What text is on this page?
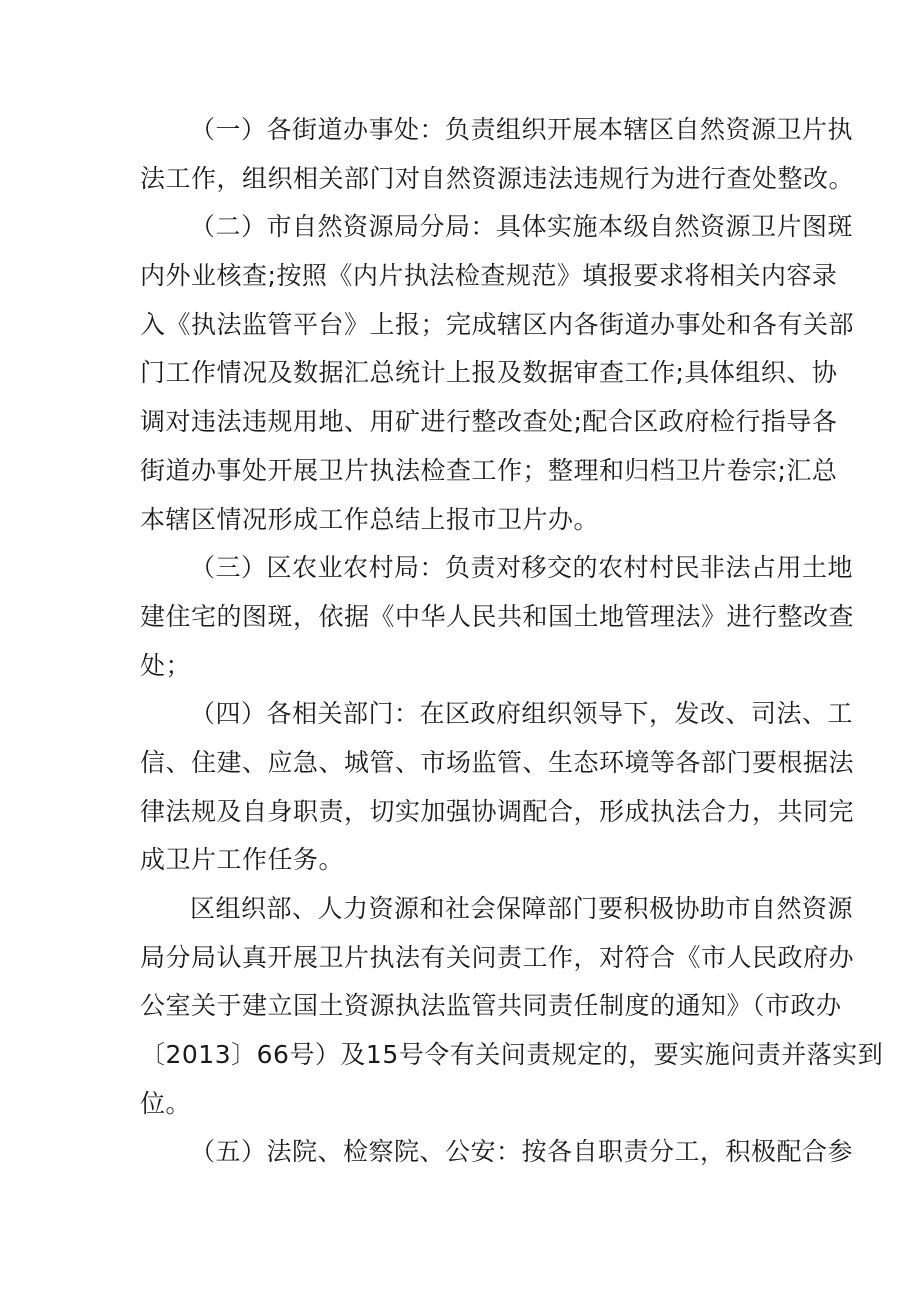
（一）各街道办事处：负责组织开展本辖区自然资源卫片执
法工作，组织相关部门对自然资源违法违规行为进行查处整改。
（二）市自然资源局分局：具体实施本级自然资源卫片图斑
内外业核查;按照《内片执法检查规范》填报要求将相关内容录
入《执法监管平台》上报；完成辖区内各街道办事处和各有关部
门工作情况及数据汇总统计上报及数据审查工作;具体组织、协
调对违法违规用地、用矿进行整改查处;配合区政府检行指导各
街道办事处开展卫片执法检查工作；整理和归档卫片卷宗;汇总
本辖区情况形成工作总结上报市卫片办。
（三）区农业农村局：负责对移交的农村村民非法占用土地
建住宅的图斑，依据《中华人民共和国土地管理法》进行整改查
处；
（四）各相关部门：在区政府组织领导下，发改、司法、工
信、住建、应急、城管、市场监管、生态环境等各部门要根据法
律法规及自身职责，切实加强协调配合，形成执法合力，共同完
成卫片工作任务。
区组织部、人力资源和社会保障部门要积极协助市自然资源
局分局认真开展卫片执法有关问责工作，对符合《市人民政府办
公室关于建立国土资源执法监管共同责任制度的通知》（市政办
〔2013〕66号）及15号令有关问责规定的，要实施问责并落实到
位。
（五）法院、检察院、公安：按各自职责分工，积极配合参
